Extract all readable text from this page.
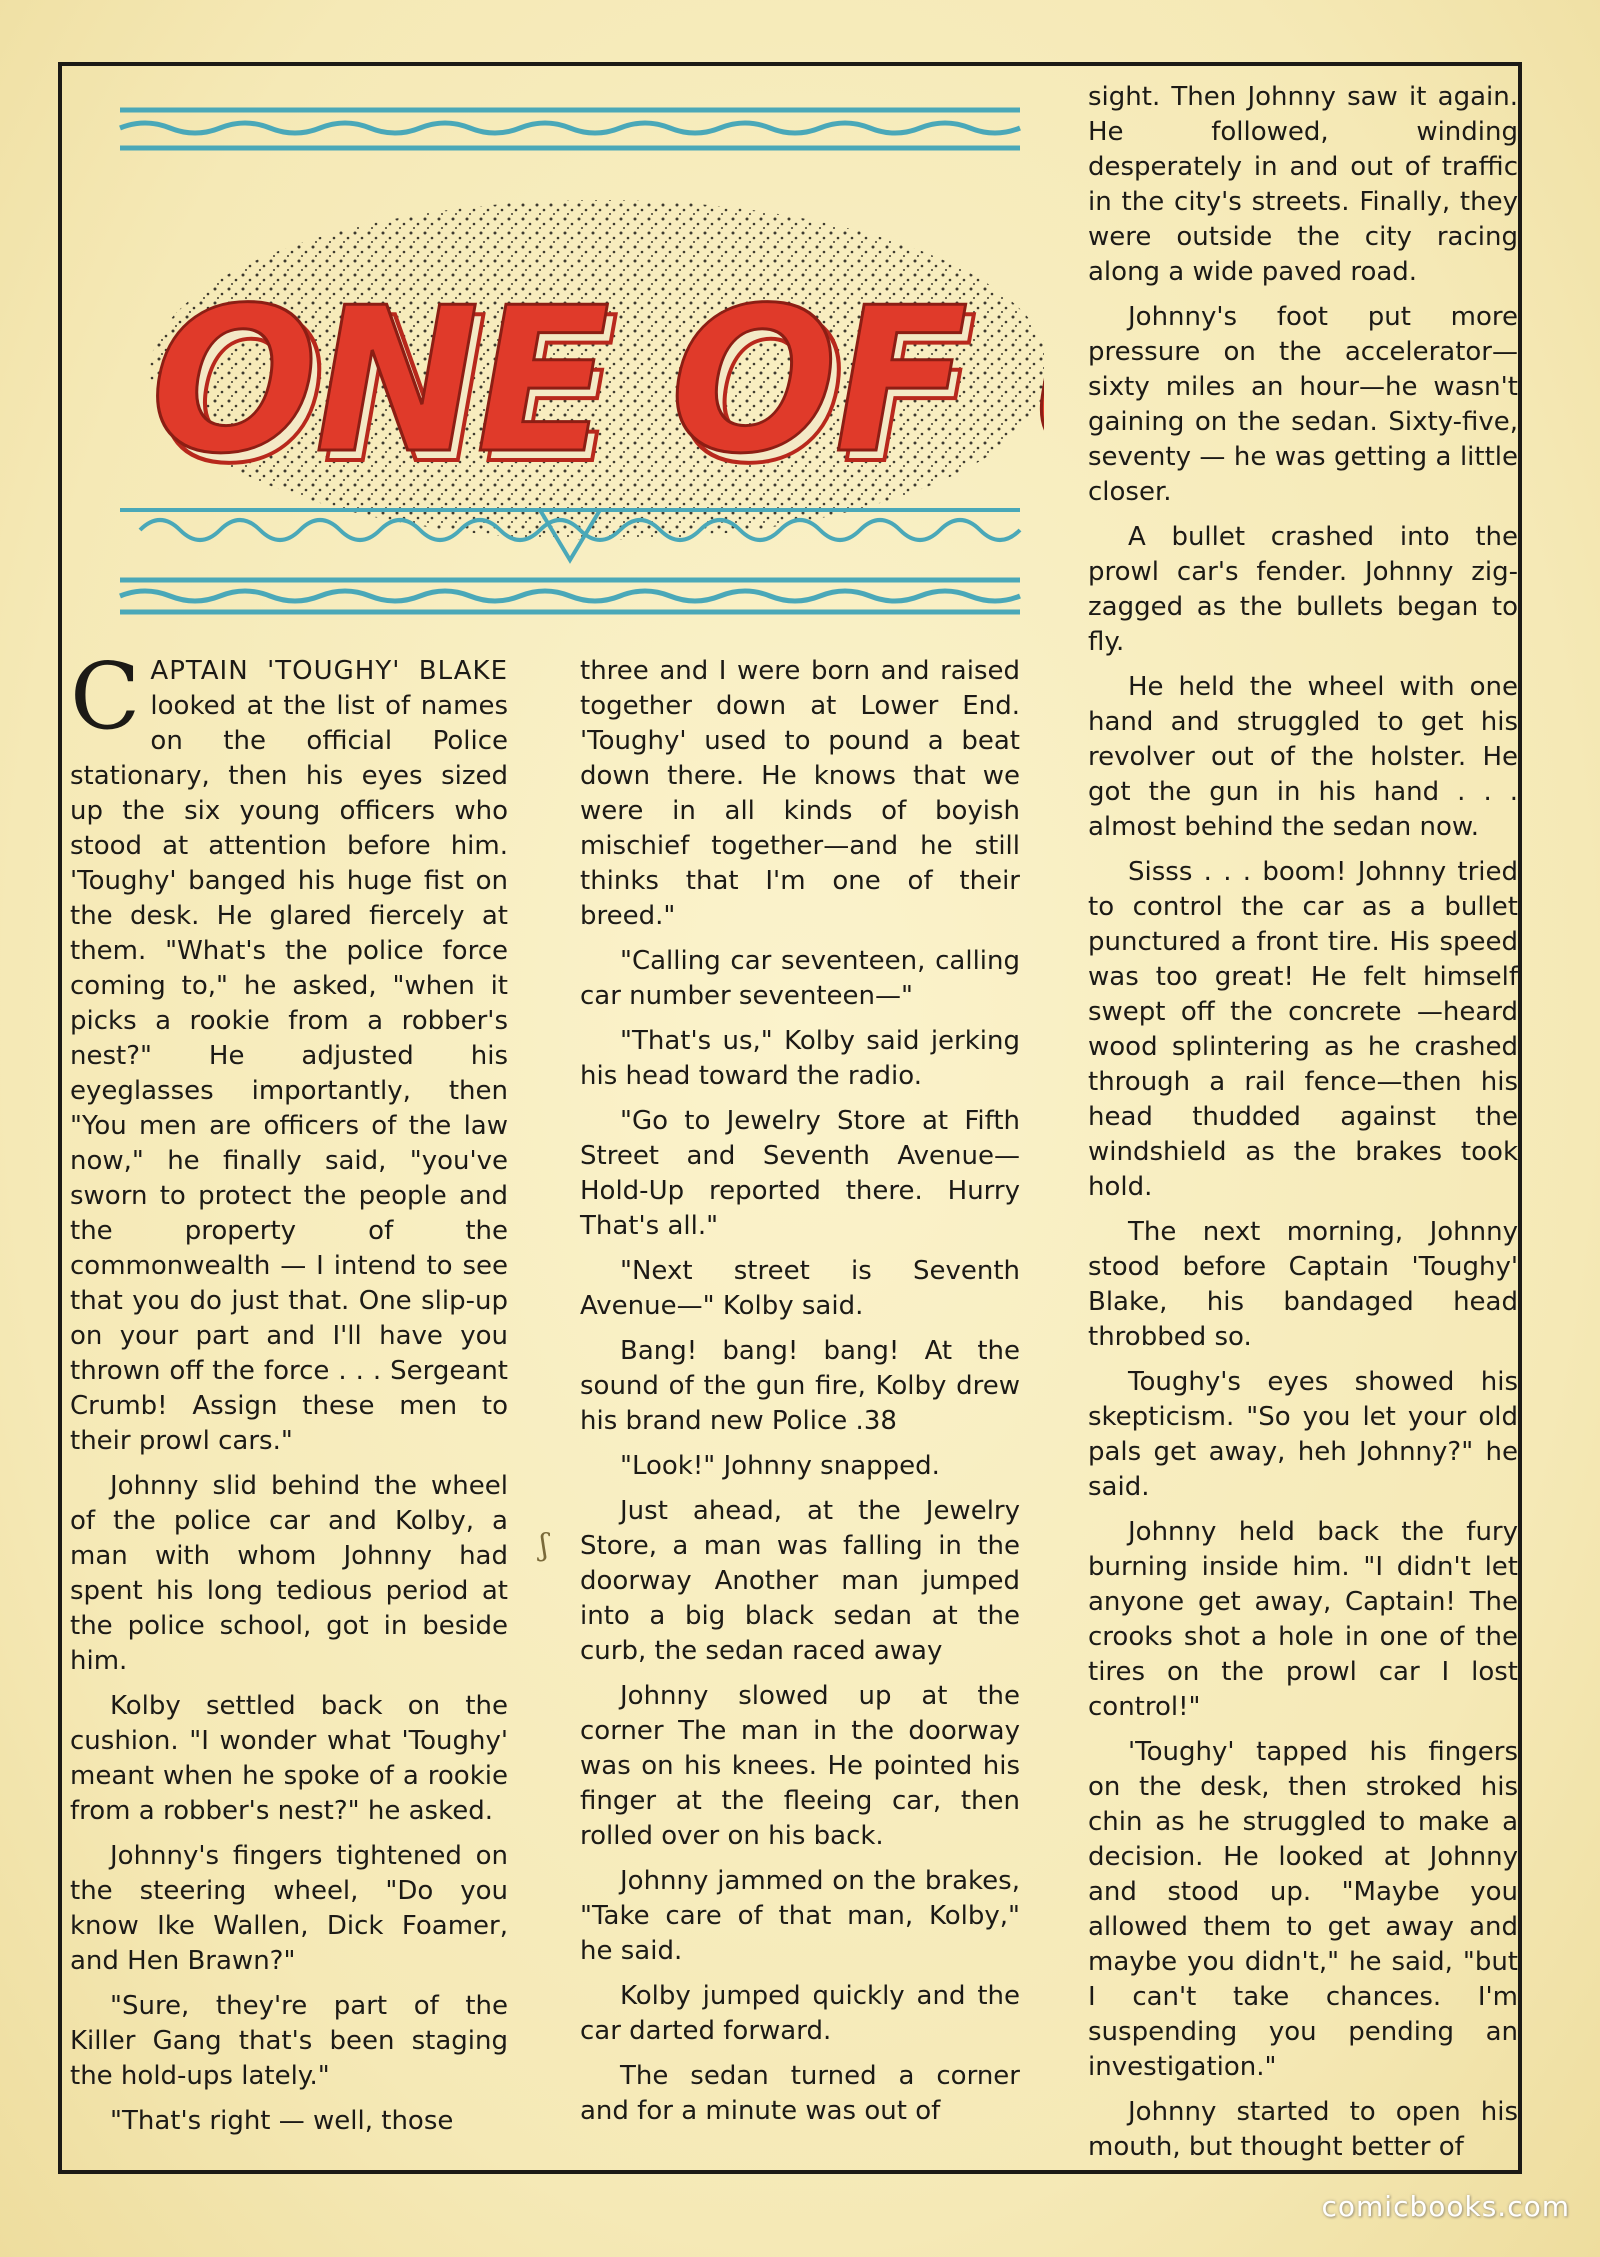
ONE OF US
ONE OF US

CAPTAIN 'TOUGHY' BLAKE looked at the list of names on the official Police stationary, then his eyes sized up the six young officers who stood at attention before him. 'Toughy' banged his huge fist on the desk. He glared fiercely at them. "What's the police force coming to," he asked, "when it picks a rookie from a robber's nest?" He adjusted his eyeglasses importantly, then "You men are officers of the law now," he finally said, "you've sworn to protect the people and the property of the commonwealth — I intend to see that you do just that. One slip-up on your part and I'll have you thrown off the force . . . Sergeant Crumb! Assign these men to their prowl cars."

Johnny slid behind the wheel of the police car and Kolby, a man with whom Johnny had spent his long tedious period at the police school, got in beside him.

Kolby settled back on the cushion. "I wonder what 'Toughy' meant when he spoke of a rookie from a robber's nest?" he asked.

Johnny's fingers tightened on the steering wheel, "Do you know Ike Wallen, Dick Foamer, and Hen Brawn?"

"Sure, they're part of the Killer Gang that's been staging the hold-ups lately."

"That's right — well, those

ʃ

three and I were born and raised together down at Lower End. 'Toughy' used to pound a beat down there. He knows that we were in all kinds of boyish mischief together—and he still thinks that I'm one of their breed."

"Calling car seventeen, calling car number seventeen—"

"That's us," Kolby said jerking his head toward the radio.

"Go to Jewelry Store at Fifth Street and Seventh Avenue—Hold-Up reported there. Hurry That's all."

"Next street is Seventh Avenue—" Kolby said.

Bang! bang! bang! At the sound of the gun fire, Kolby drew his brand new Police .38

"Look!" Johnny snapped.

Just ahead, at the Jewelry Store, a man was falling in the doorway Another man jumped into a big black sedan at the curb, the sedan raced away

Johnny slowed up at the corner The man in the doorway was on his knees. He pointed his finger at the fleeing car, then rolled over on his back.

Johnny jammed on the brakes, "Take care of that man, Kolby," he said.

Kolby jumped quickly and the car darted forward.

The sedan turned a corner and for a minute was out of

sight. Then Johnny saw it again. He followed, winding desperately in and out of traffic in the city's streets. Finally, they were outside the city racing along a wide paved road.

Johnny's foot put more pressure on the accelerator—sixty miles an hour—he wasn't gaining on the sedan. Sixty-five, seventy — he was getting a little closer.

A bullet crashed into the prowl car's fender. Johnny zig-zagged as the bullets began to fly.

He held the wheel with one hand and struggled to get his revolver out of the holster. He got the gun in his hand . . . almost behind the sedan now.

Sisss . . . boom! Johnny tried to control the car as a bullet punctured a front tire. His speed was too great! He felt himself swept off the concrete —heard wood splintering as he crashed through a rail fence—then his head thudded against the windshield as the brakes took hold.

The next morning, Johnny stood before Captain 'Toughy' Blake, his bandaged head throbbed so.

Toughy's eyes showed his skepticism. "So you let your old pals get away, heh Johnny?" he said.

Johnny held back the fury burning inside him. "I didn't let anyone get away, Captain! The crooks shot a hole in one of the tires on the prowl car I lost control!"

'Toughy' tapped his fingers on the desk, then stroked his chin as he struggled to make a decision. He looked at Johnny and stood up. "Maybe you allowed them to get away and maybe you didn't," he said, "but I can't take chances. I'm suspending you pending an investigation."

Johnny started to open his mouth, but thought better of

comicbooks.com
